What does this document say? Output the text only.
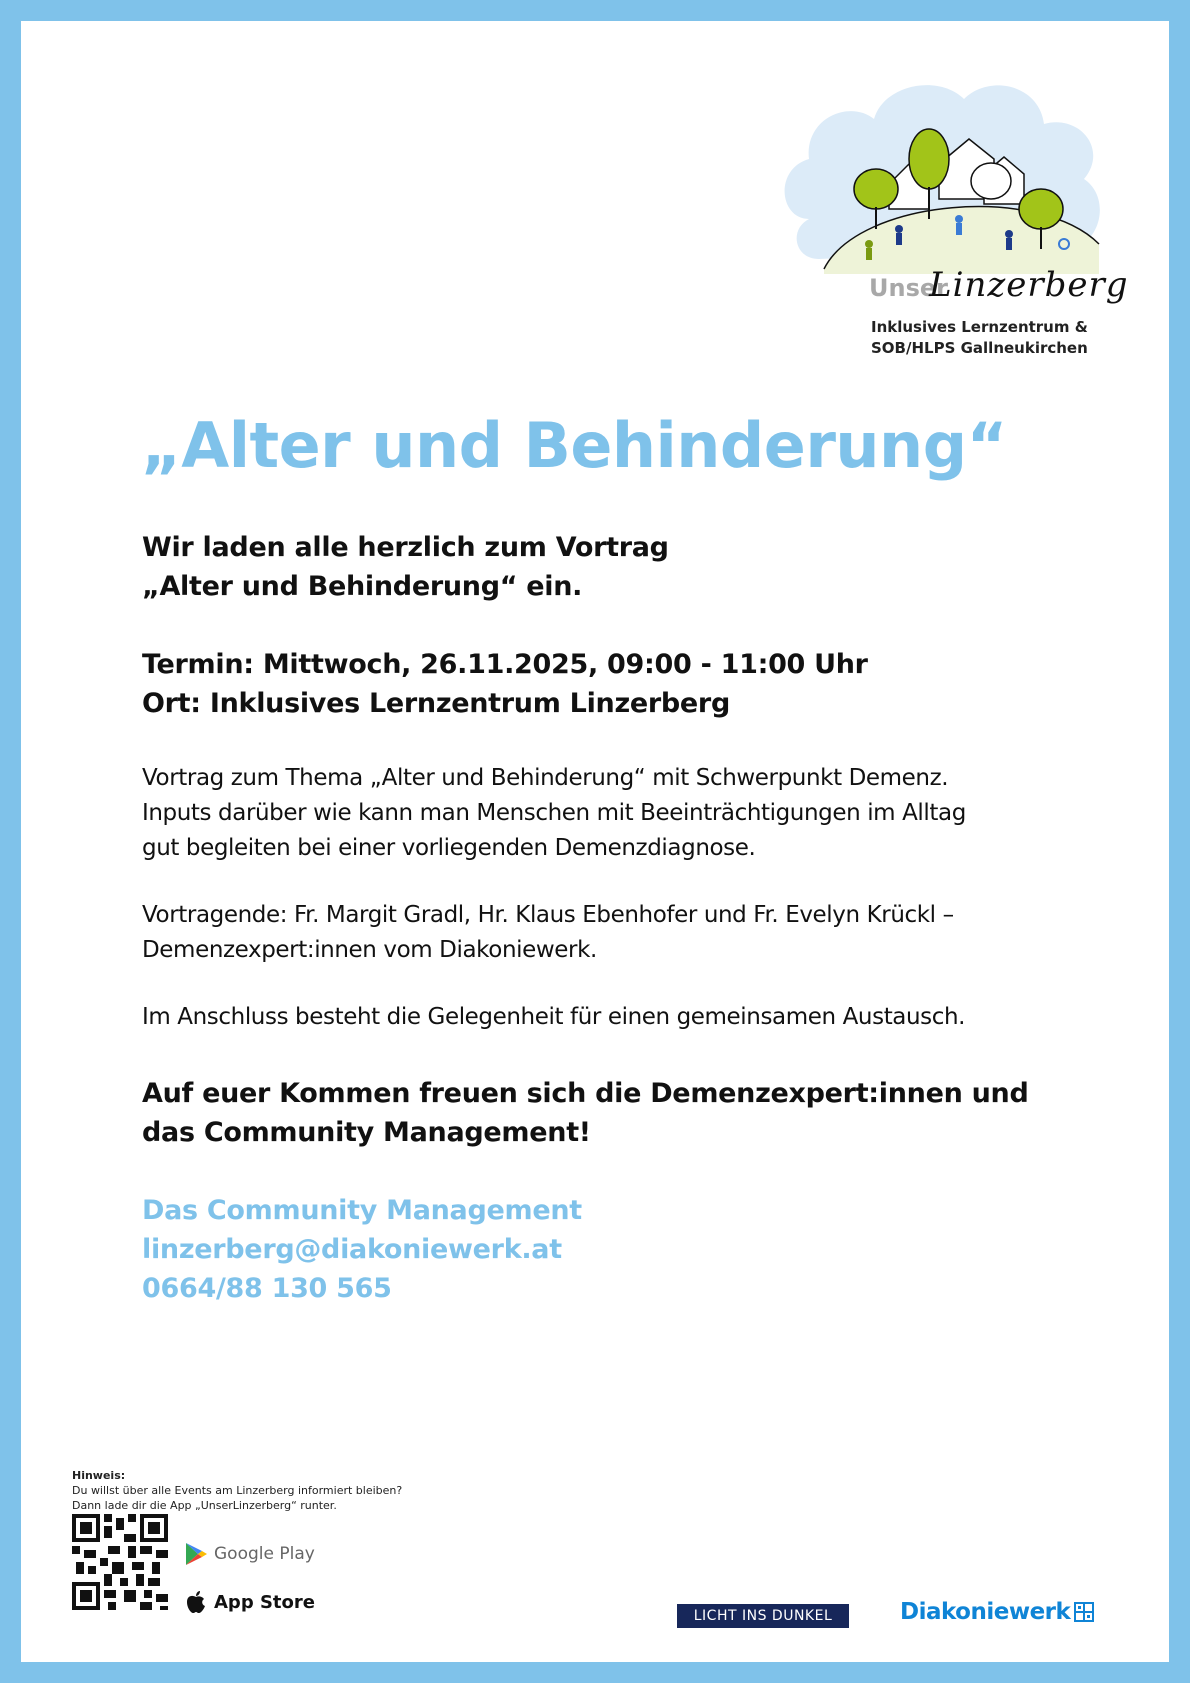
Unser
Linzerberg
Inklusives Lernzentrum &
SOB/HLPS Gallneukirchen
„Alter und Behinderung“
Wir laden alle herzlich zum Vortrag
„Alter und Behinderung“ ein.
Termin: Mittwoch, 26.11.2025, 09:00 - 11:00 Uhr
Ort: Inklusives Lernzentrum Linzerberg
Vortrag zum Thema „Alter und Behinderung“ mit Schwerpunkt Demenz.
Inputs darüber wie kann man Menschen mit Beeinträchtigungen im Alltag
gut begleiten bei einer vorliegenden Demenzdiagnose.
Vortragende: Fr. Margit Gradl, Hr. Klaus Ebenhofer und Fr. Evelyn Krückl –
Demenzexpert:innen vom Diakoniewerk.
Im Anschluss besteht die Gelegenheit für einen gemeinsamen Austausch.
Auf euer Kommen freuen sich die Demenzexpert:innen und
das Community Management!
Das Community Management
linzerberg@diakoniewerk.at
0664/88 130 565
Hinweis:
Du willst über alle Events am Linzerberg informiert bleiben?
Dann lade dir die App „UnserLinzerberg“ runter.
Google Play
App Store
LICHT INS DUNKEL	Diakoniewerk
